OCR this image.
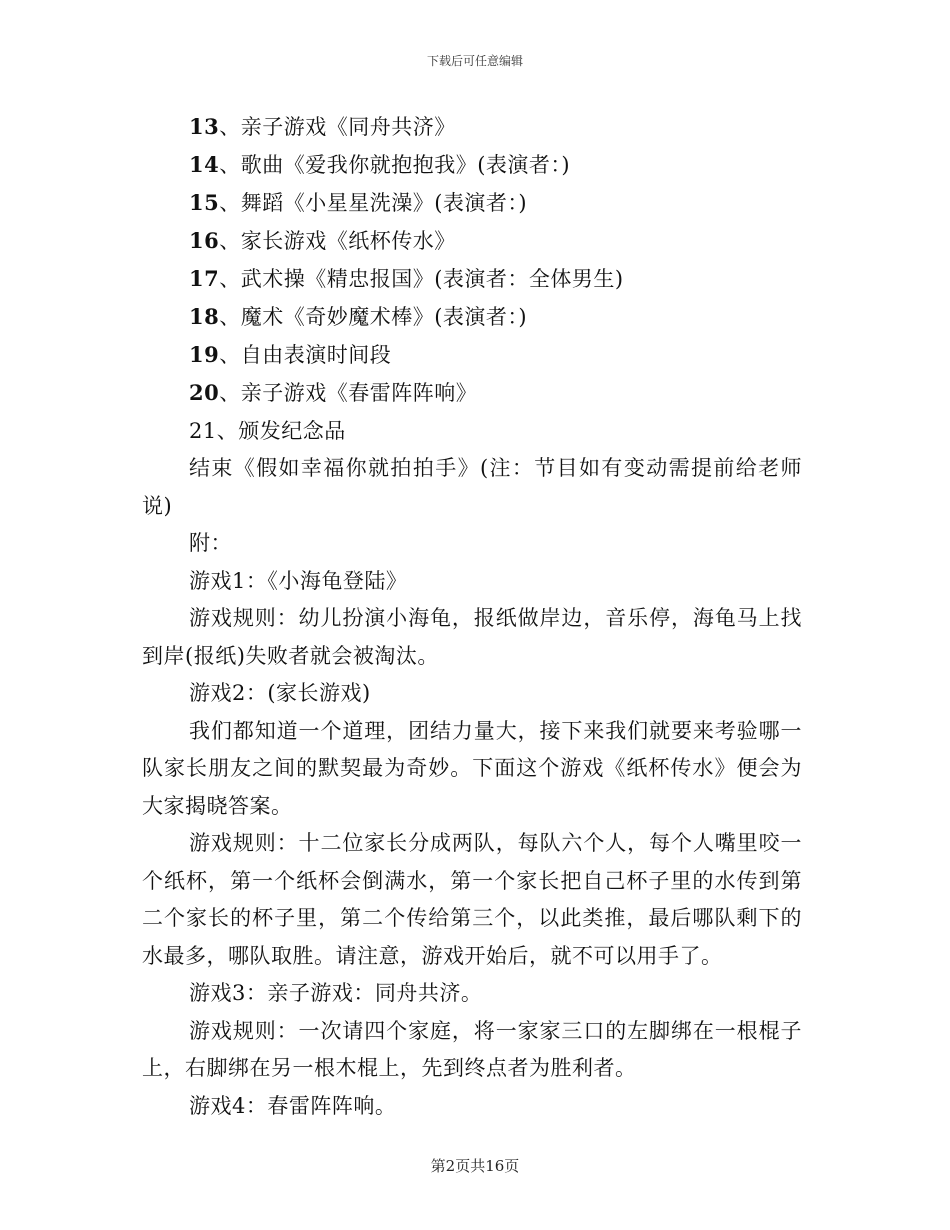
下载后可任意编辑
13、亲子游戏《同舟共济》
14、歌曲《爱我你就抱抱我》(表演者：)
15、舞蹈《小星星洗澡》(表演者：)
16、家长游戏《纸杯传水》
17、武术操《精忠报国》(表演者：全体男生)
18、魔术《奇妙魔术棒》(表演者：)
19、自由表演时间段
20、亲子游戏《春雷阵阵响》
21、颁发纪念品

结束《假如幸福你就拍拍手》(注：节目如有变动需提前给老师说)

附：

游戏1：《小海龟登陆》

游戏规则：幼儿扮演小海龟，报纸做岸边，音乐停，海龟马上找到岸(报纸)失败者就会被淘汰。

游戏2：(家长游戏)

我们都知道一个道理，团结力量大，接下来我们就要来考验哪一队家长朋友之间的默契最为奇妙。下面这个游戏《纸杯传水》便会为大家揭晓答案。

游戏规则：十二位家长分成两队，每队六个人，每个人嘴里咬一个纸杯，第一个纸杯会倒满水，第一个家长把自己杯子里的水传到第二个家长的杯子里，第二个传给第三个，以此类推，最后哪队剩下的水最多，哪队取胜。请注意，游戏开始后，就不可以用手了。

游戏3：亲子游戏：同舟共济。

游戏规则：一次请四个家庭，将一家家三口的左脚绑在一根棍子上，右脚绑在另一根木棍上，先到终点者为胜利者。

游戏4：春雷阵阵响。

第2页共16页
